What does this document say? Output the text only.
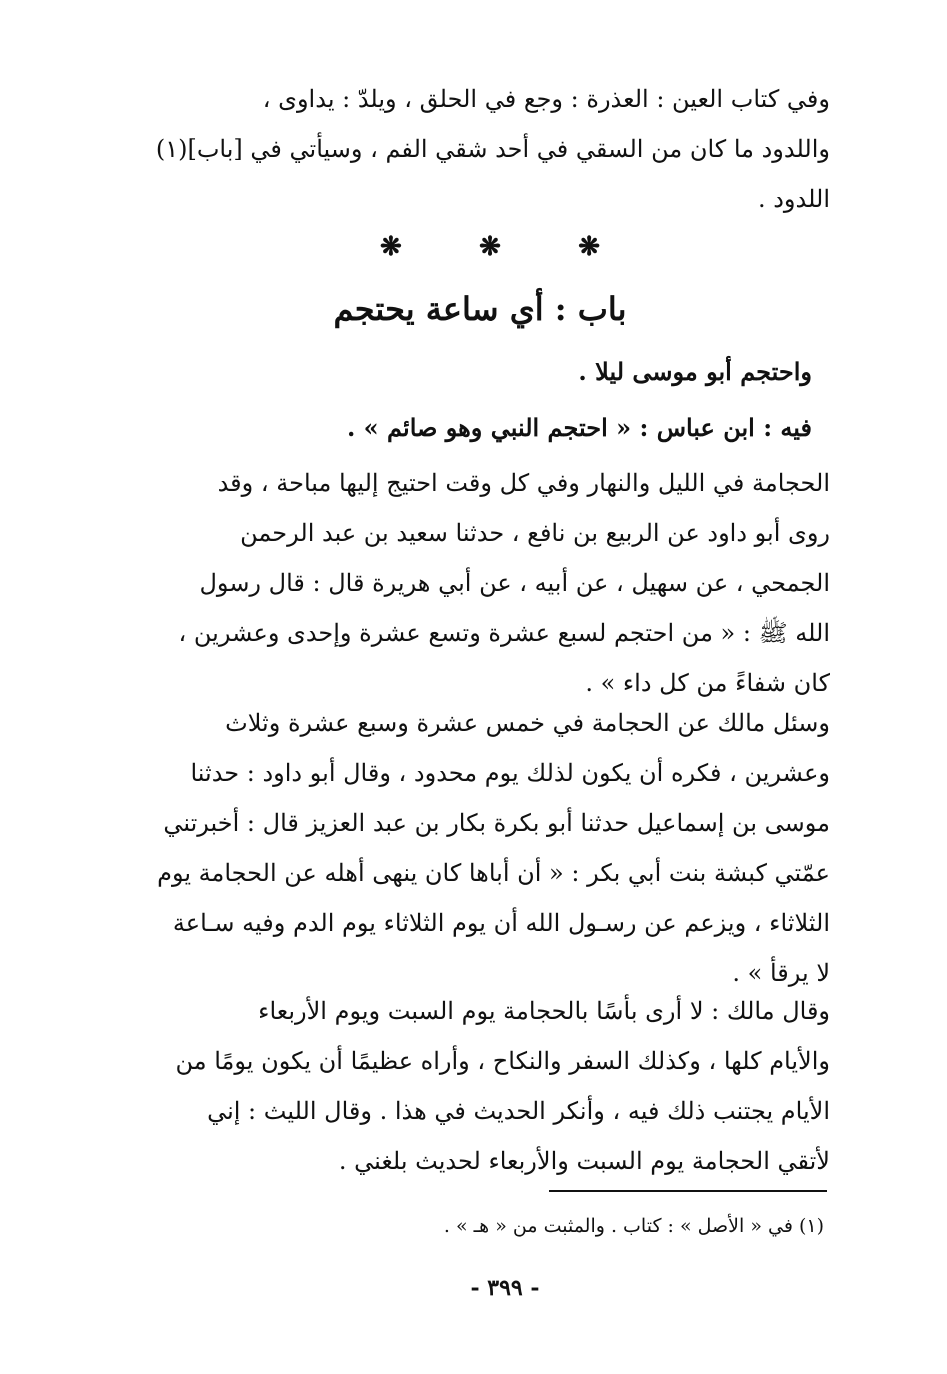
وفي كتاب العين : العذرة : وجع في الحلق ، ويلدّ : يداوى ،
واللدود ما كان من السقي في أحد شقي الفم ، وسيأتي في [باب](١)
اللدود .
❋	❋	❋
باب : أي ساعة يحتجم
واحتجم أبو موسى ليلا .
فيه : ابن عباس : « احتجم النبي وهو صائم » .
الحجامة في الليل والنهار وفي كل وقت احتيج إليها مباحة ، وقد
روى أبو داود عن الربيع بن نافع ، حدثنا سعيد بن عبد الرحمن
الجمحي ، عن سهيل ، عن أبيه ، عن أبي هريرة قال : قال رسول
الله ﷺ : « من احتجم لسبع عشرة وتسع عشرة وإحدى وعشرين ،
كان شفاءً من كل داء » .
وسئل مالك عن الحجامة في خمس عشرة وسبع عشرة وثلاث
وعشرين ، فكره أن يكون لذلك يوم محدود ، وقال أبو داود : حدثنا
موسى بن إسماعيل حدثنا أبو بكرة بكار بن عبد العزيز قال : أخبرتني
عمّتي كبشة بنت أبي بكر : « أن أباها كان ينهى أهله عن الحجامة يوم
الثلاثاء ، ويزعم عن رسـول الله أن يوم الثلاثاء يوم الدم وفيه سـاعة
لا يرقأ » .
وقال مالك : لا أرى بأسًا بالحجامة يوم السبت ويوم الأربعاء
والأيام كلها ، وكذلك السفر والنكاح ، وأراه عظيمًا أن يكون يومًا من
الأيام يجتنب ذلك فيه ، وأنكر الحديث في هذا . وقال الليث : إني
لأتقي الحجامة يوم السبت والأربعاء لحديث بلغني .
(١) في « الأصل » : كتاب . والمثبت من « هـ » .
- ٣٩٩ -
